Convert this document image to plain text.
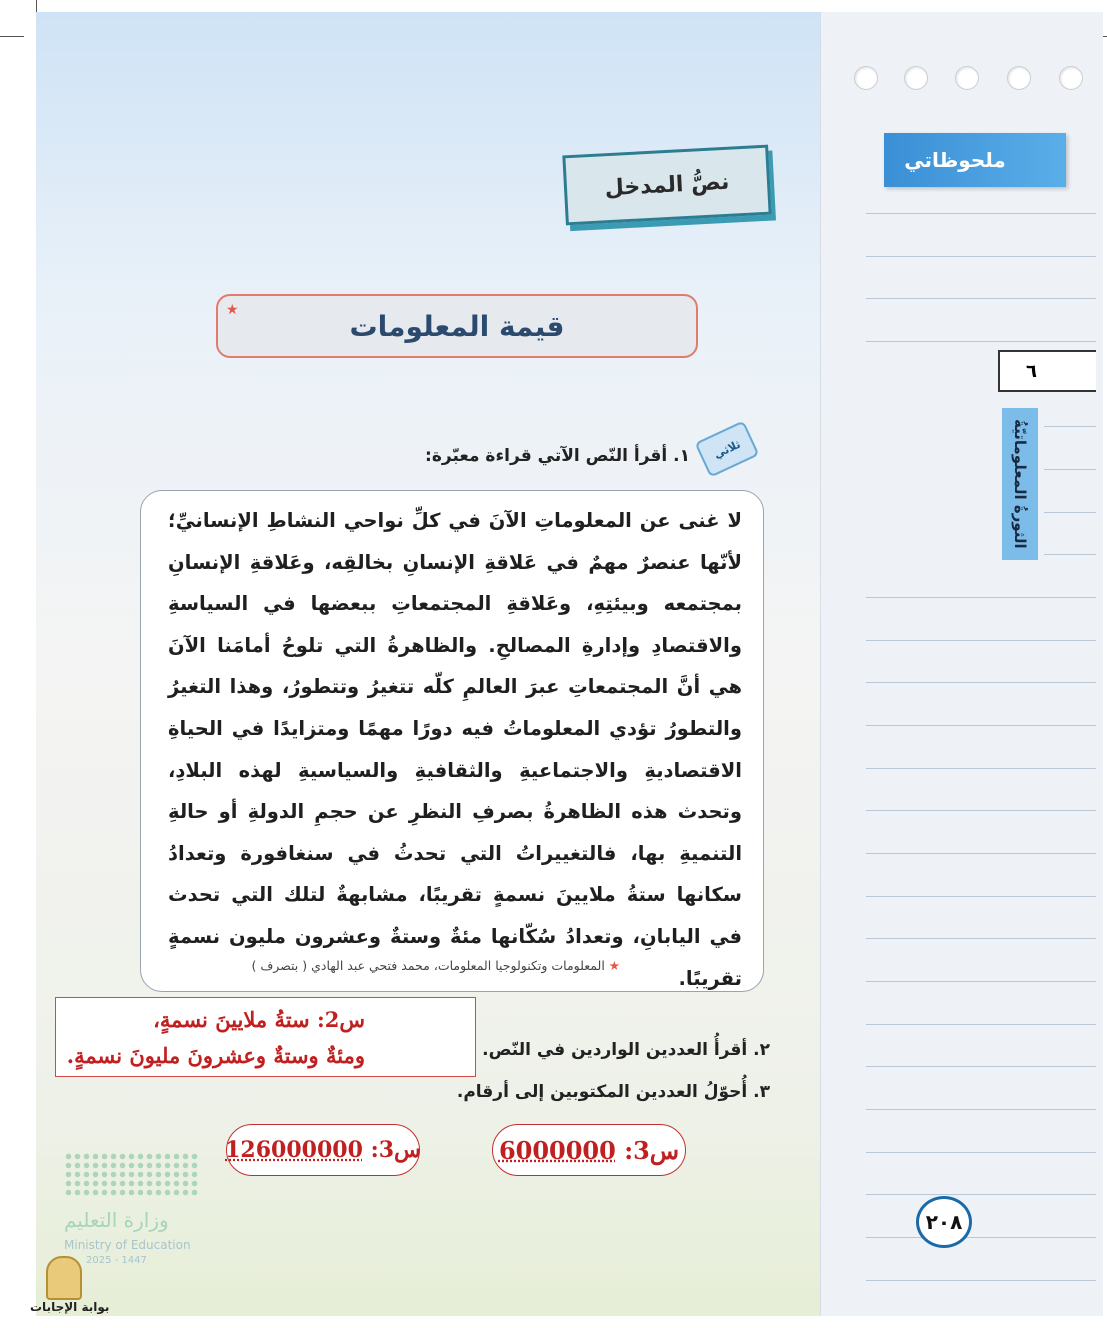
ملحوظاتي
٦
الثورةُ المعلوماتيّةُ
٢٠٨
نصُّ المدخل
قيمة المعلومات
★
ثلاثي
١. أقرأ النّص الآتي قراءة معبّرة:
لا غنى عن المعلوماتِ الآنَ في كلِّ نواحي النشاطِ الإنسانيِّ؛ لأنّها عنصرٌ مهمٌ في عَلاقةِ الإنسانِ بخالقِه، وعَلاقةِ الإنسانِ بمجتمعه وبيئتِهِ، وعَلاقةِ المجتمعاتِ ببعضها في السياسةِ والاقتصادِ وإدارةِ المصالحِ. والظاهرةُ التي تلوحُ أمامَنا الآنَ هي أنَّ المجتمعاتِ عبرَ العالمِ كلّه تتغيرُ وتتطورُ، وهذا التغيرُ والتطورُ تؤدي المعلوماتُ فيه دورًا مهمًا ومتزايدًا في الحياةِ الاقتصاديةِ والاجتماعيةِ والثقافيةِ والسياسيةِ لهذه البلادِ، وتحدث هذه الظاهرةُ بصرفِ النظرِ عن حجمِ الدولةِ أو حالةِ التنميةِ بها، فالتغييراتُ التي تحدثُ في سنغافورة وتعدادُ سكانها ستةُ ملايينَ نسمةٍ تقريبًا، مشابهةٌ لتلك التي تحدث في اليابانِ، وتعدادُ سُكّانها مئةٌ وستةٌ وعشرون مليون نسمةٍ تقريبًا.
★ المعلومات وتكنولوجيا المعلومات، محمد فتحي عبد الهادي ( بتصرف )
س2: ستةُ ملايينَ نسمةٍ،
ومئةٌ وستةٌ وعشرونَ مليونَ نسمةٍ.	٢. أقرأُ العددين الواردين في النّص.
٣. أُحوّلُ العددين المكتوبين إلى أرقام.
س3:

6000000
س3:

126000000
وزارة التعليم
Ministry of Education
2025 - 1447
بوابة الإجابات
